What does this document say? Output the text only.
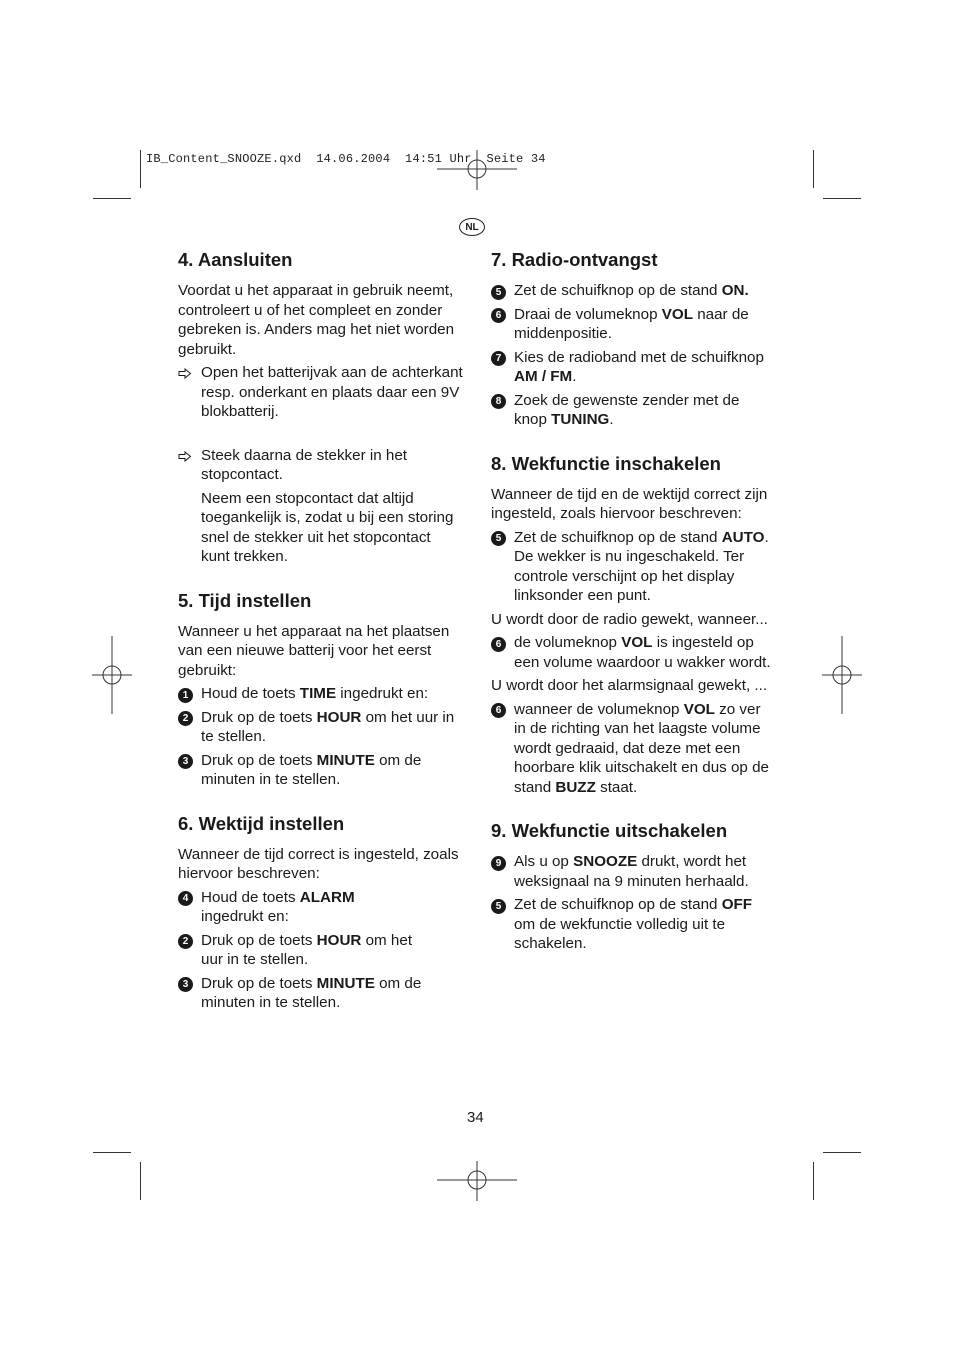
IB_Content_SNOOZE.qxd  14.06.2004  14:51 Uhr  Seite 34
NL
4. Aansluiten

Voordat u het apparaat in gebruik neemt, controleert u of het compleet en zonder gebreken is. Anders mag het niet worden gebruikt.

Open het batterijvak aan de achterkant resp. onderkant en plaats daar een 9V blokbatterij.
Steek daarna de stekker in het stopcontact.

Neem een stopcontact dat altijd toegankelijk is, zodat u bij een storing snel de stekker uit het stopcontact kunt trekken.

5. Tijd instellen

Wanneer u het apparaat na het plaatsen van een nieuwe batterij voor het eerst gebruikt:

1 Houd de toets TIME ingedrukt en:
2 Druk op de toets HOUR om het uur in te stellen.
3 Druk op de toets MINUTE om de minuten in te stellen.
6. Wektijd instellen

Wanneer de tijd correct is ingesteld, zoals hiervoor beschreven:

4 Houd de toets ALARM ingedrukt en:
2 Druk op de toets HOUR om het uur in te stellen.
3 Druk op de toets MINUTE om de minuten in te stellen.
7. Radio-ontvangst
5 Zet de schuifknop op de stand ON.
6 Draai de volumeknop VOL naar de middenpositie.
7 Kies de radioband met de schuifknop AM / FM.
8 Zoek de gewenste zender met de knop TUNING.
8. Wekfunctie inschakelen

Wanneer de tijd en de wektijd correct zijn ingesteld, zoals hiervoor beschreven:

5 Zet de schuifknop op de stand AUTO. De wekker is nu ingeschakeld. Ter controle verschijnt op het display linksonder een punt.

U wordt door de radio gewekt, wanneer...

6 de volumeknop VOL is ingesteld op een volume waardoor u wakker wordt.

U wordt door het alarmsignaal gewekt, ...

6 wanneer de volumeknop VOL zo ver in de richting van het laagste volume wordt gedraaid, dat deze met een hoorbare klik uitschakelt en dus op de stand BUZZ staat.
9. Wekfunctie uitschakelen
9 Als u op SNOOZE drukt, wordt het weksignaal na 9 minuten herhaald.
5 Zet de schuifknop op de stand OFF om de wekfunctie volledig uit te schakelen.
34
